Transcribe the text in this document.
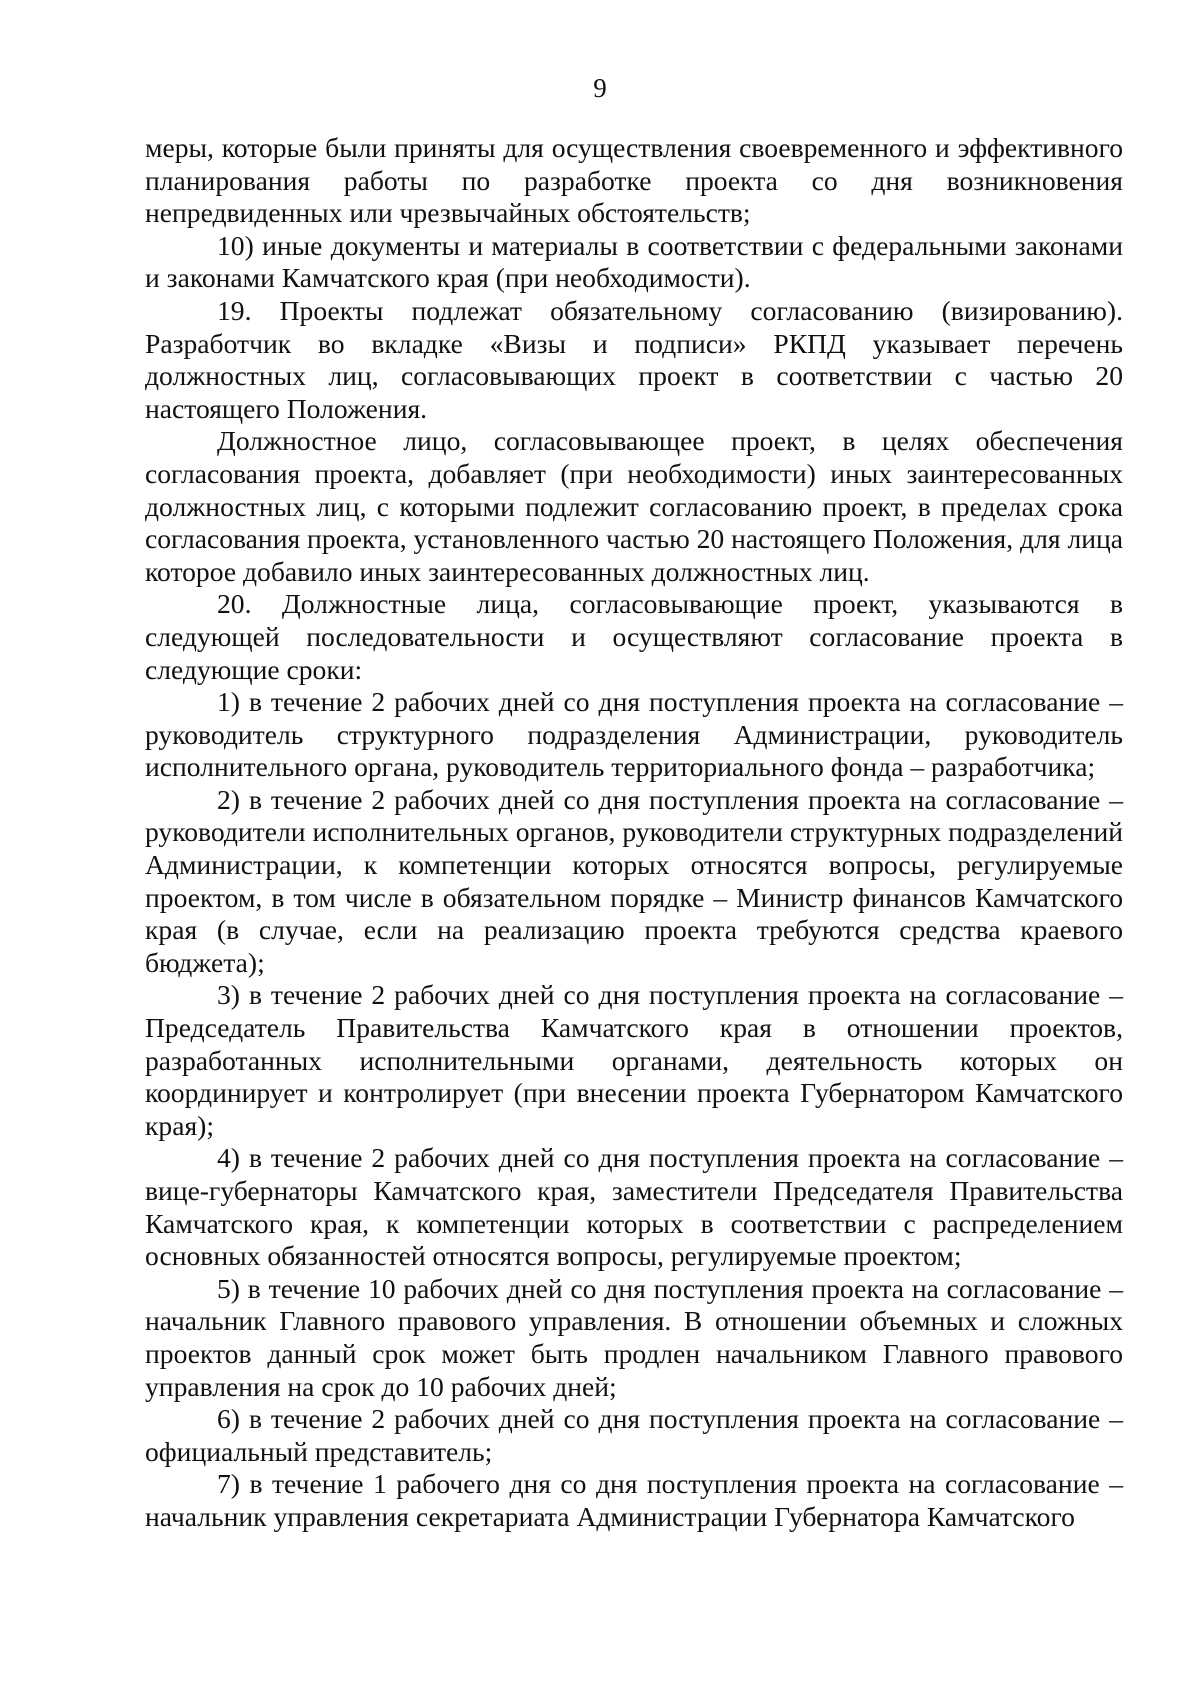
9

меры, которые были приняты для осуществления своевременного и эффективного планирования работы по разработке проекта со дня возникновения непредвиденных или чрезвычайных обстоятельств;

10) иные документы и материалы в соответствии с федеральными законами и законами Камчатского края (при необходимости).

19. Проекты подлежат обязательному согласованию (визированию). Разработчик во вкладке «Визы и подписи» РКПД указывает перечень должностных лиц, согласовывающих проект в соответствии с частью 20 настоящего Положения.

Должностное лицо, согласовывающее проект, в целях обеспечения согласования проекта, добавляет (при необходимости) иных заинтересованных должностных лиц, с которыми подлежит согласованию проект, в пределах срока согласования проекта, установленного частью 20 настоящего Положения, для лица которое добавило иных заинтересованных должностных лиц.

20. Должностные лица, согласовывающие проект, указываются в следующей последовательности и осуществляют согласование проекта в следующие сроки:

1) в течение 2 рабочих дней со дня поступления проекта на согласование – руководитель структурного подразделения Администрации, руководитель исполнительного органа, руководитель территориального фонда – разработчика;

2) в течение 2 рабочих дней со дня поступления проекта на согласование – руководители исполнительных органов, руководители структурных подразделений Администрации, к компетенции которых относятся вопросы, регулируемые проектом, в том числе в обязательном порядке – Министр финансов Камчатского края (в случае, если на реализацию проекта требуются средства краевого бюджета);

3) в течение 2 рабочих дней со дня поступления проекта на согласование – Председатель Правительства Камчатского края в отношении проектов, разработанных исполнительными органами, деятельность которых он координирует и контролирует (при внесении проекта Губернатором Камчатского края);

4) в течение 2 рабочих дней со дня поступления проекта на согласование – вице-губернаторы Камчатского края, заместители Председателя Правительства Камчатского края, к компетенции которых в соответствии с распределением основных обязанностей относятся вопросы, регулируемые проектом;

5) в течение 10 рабочих дней со дня поступления проекта на согласование – начальник Главного правового управления. В отношении объемных и сложных проектов данный срок может быть продлен начальником Главного правового управления на срок до 10 рабочих дней;

6) в течение 2 рабочих дней со дня поступления проекта на согласование – официальный представитель;

7) в течение 1 рабочего дня со дня поступления проекта на согласование – начальник управления секретариата Администрации Губернатора Камчатского
